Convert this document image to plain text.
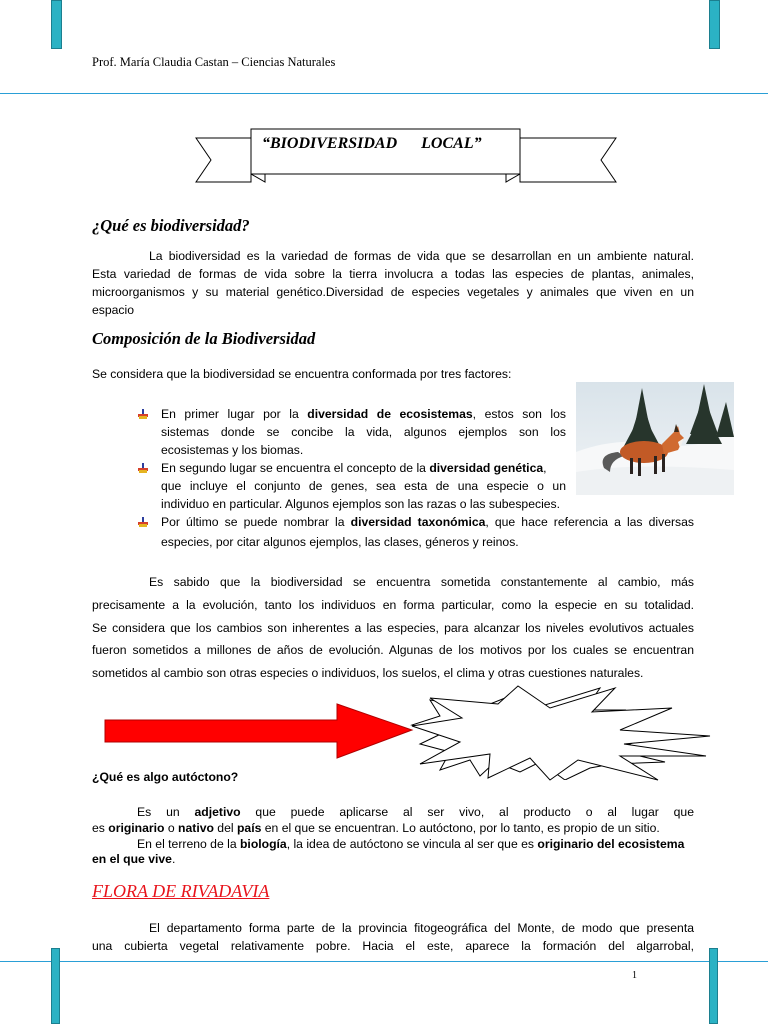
Prof. María Claudia Castan – Ciencias Naturales
“BIODIVERSIDAD      LOCAL”
¿Qué es biodiversidad?
La biodiversidad es la variedad de formas de vida que se desarrollan en un ambiente natural.
Esta variedad de formas de vida sobre la tierra involucra a todas las especies de plantas, animales,
microorganismos y su material genético.Diversidad de especies vegetales y animales que viven en un
espacio
Composición de la Biodiversidad
Se considera que la biodiversidad se encuentra conformada por tres factores:
En primer lugar por la diversidad de ecosistemas, estos son los
sistemas donde se concibe la vida, algunos ejemplos son los
ecosistemas y los biomas.
En segundo lugar se encuentra el concepto de la diversidad genética,
que incluye el conjunto de genes, sea esta de una especie o un
individuo en particular. Algunos ejemplos son las razas o las subespecies.
Por último se puede nombrar la diversidad taxonómica, que hace referencia a las diversas
especies, por citar algunos ejemplos, las clases, géneros y reinos.
Es sabido que la biodiversidad se encuentra sometida constantemente al cambio, más
precisamente a la evolución, tanto los individuos en forma particular, como la especie en su totalidad.
Se considera que los cambios son inherentes a las especies, para alcanzar los niveles evolutivos actuales
fueron sometidos a millones de años de evolución. Algunas de los motivos por los cuales se encuentran
sometidos al cambio son otras especies o individuos, los suelos, el clima y otras cuestiones naturales.
¿Qué es algo autóctono?
Es un adjetivo que puede aplicarse al ser vivo, al producto o al lugar que
es originario o nativo del país en el que se encuentran. Lo autóctono, por lo tanto, es propio de un sitio.
En el terreno de la biología, la idea de autóctono se vincula al ser que es originario del ecosistema
en el que vive.
FLORA DE RIVADAVIA
El departamento forma parte de la provincia fitogeográfica del Monte, de modo que presenta
una cubierta vegetal relativamente pobre. Hacia el este, aparece la formación del algarrobal,
1
